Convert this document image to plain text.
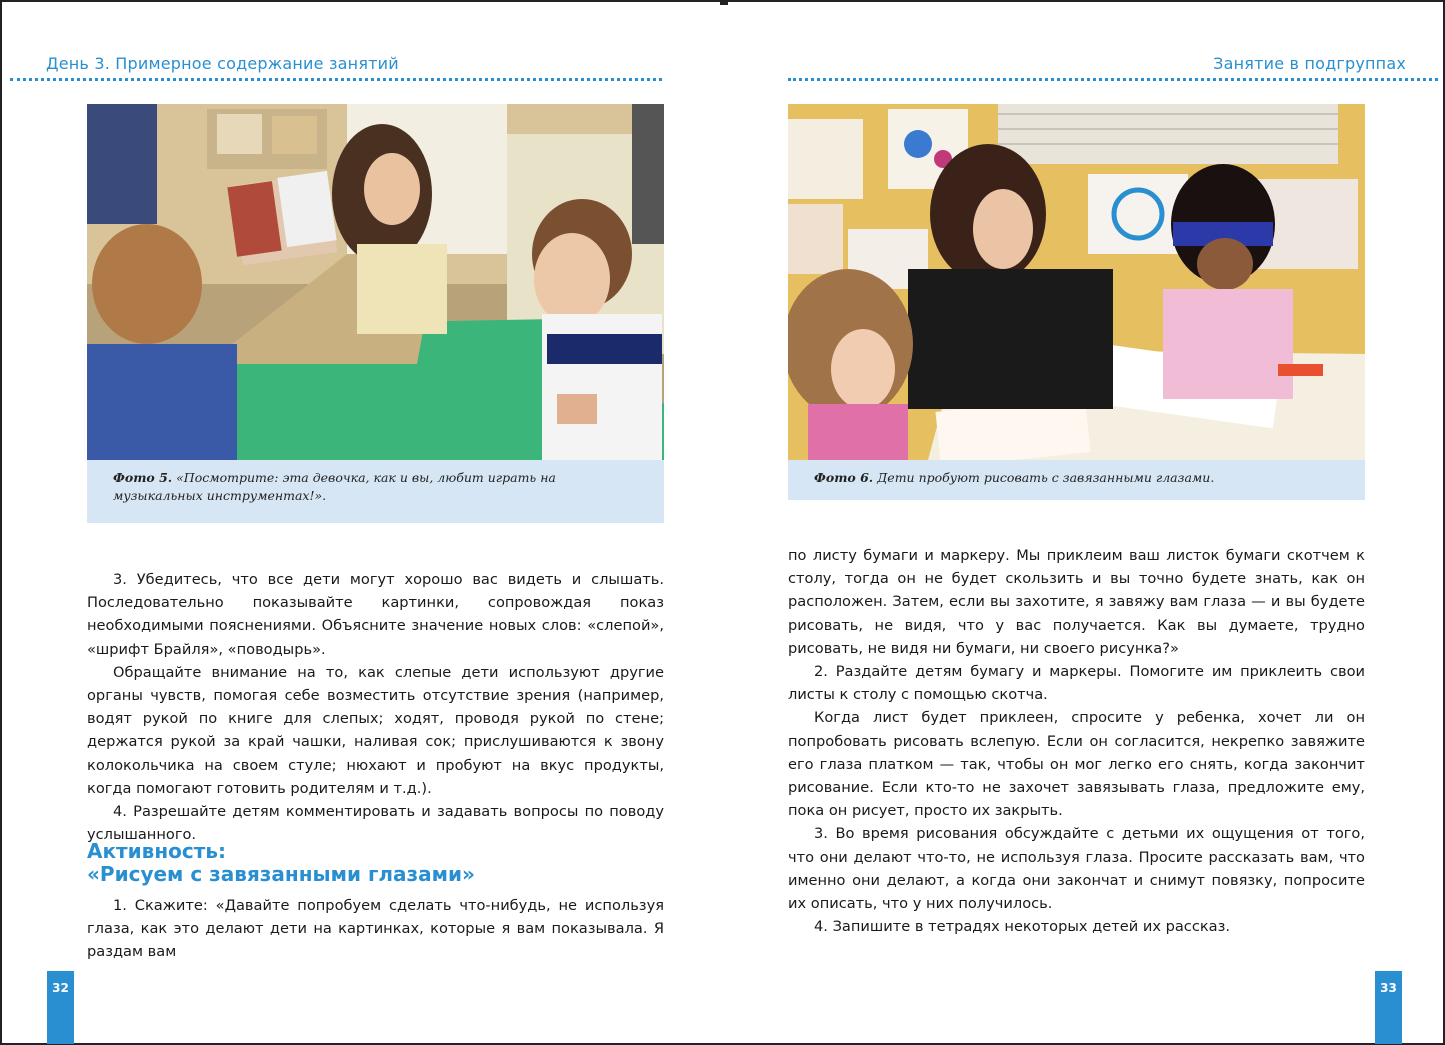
День 3. Примерное содержание занятий
Фото 5. «Посмотрите: эта девочка, как и вы, любит играть на музыкальных инструментах!».

3. Убедитесь, что все дети могут хорошо вас видеть и слышать. Последовательно показывайте картинки, сопровождая показ необходимыми пояснениями. Объясните значение новых слов: «слепой», «шрифт Брайля», «поводырь».

Обращайте внимание на то, как слепые дети используют другие органы чувств, помогая себе возместить отсутствие зрения (например, водят рукой по книге для слепых; ходят, проводя рукой по стене; держатся рукой за край чашки, наливая сок; прислушиваются к звону колокольчика на своем стуле; нюхают и пробуют на вкус продукты, когда помогают готовить родителям и т.д.).

4. Разрешайте детям комментировать и задавать вопросы по поводу услышанного.

Активность:
«Рисуем с завязанными глазами»

1. Скажите: «Давайте попробуем сделать что-нибудь, не используя глаза, как это делают дети на картинках, которые я вам показывала. Я раздам вам

32
Занятие в подгруппах
Фото 6. Дети пробуют рисовать с завязанными глазами.

по листу бумаги и маркеру. Мы приклеим ваш листок бумаги скотчем к столу, тогда он не будет скользить и вы точно будете знать, как он расположен. Затем, если вы захотите, я завяжу вам глаза — и вы будете рисовать, не видя, что у вас получается. Как вы думаете, трудно рисовать, не видя ни бумаги, ни своего рисунка?»

2. Раздайте детям бумагу и маркеры. Помогите им приклеить свои листы к столу с помощью скотча.

Когда лист будет приклеен, спросите у ребенка, хочет ли он попробовать рисовать вслепую. Если он согласится, некрепко завяжите его глаза платком — так, чтобы он мог легко его снять, когда закончит рисование. Если кто-то не захочет завязывать глаза, предложите ему, пока он рисует, просто их закрыть.

3. Во время рисования обсуждайте с детьми их ощущения от того, что они делают что-то, не используя глаза. Просите рассказать вам, что именно они делают, а когда они закончат и снимут повязку, попросите их описать, что у них получилось.

4. Запишите в тетрадях некоторых детей их рассказ.

33
